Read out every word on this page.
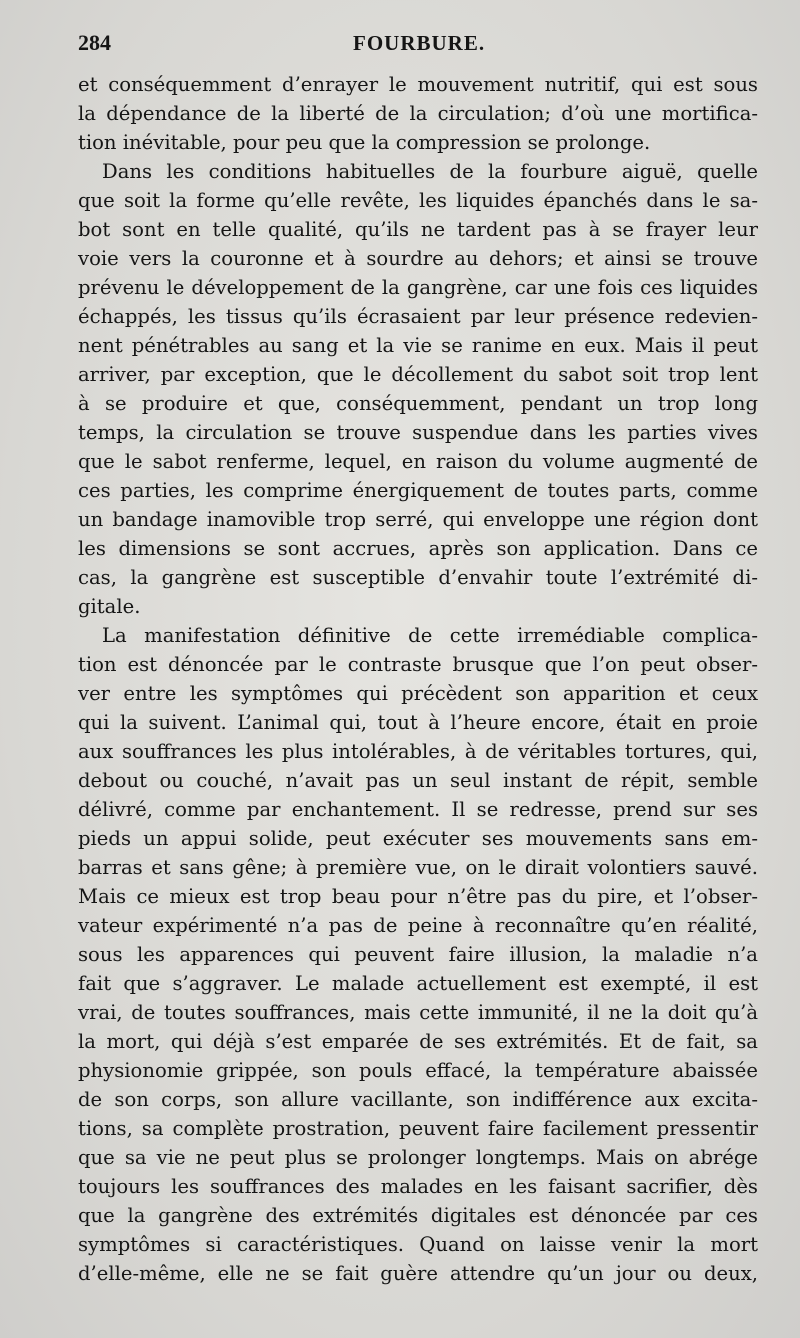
284	FOURBURE.
et conséquemment d’enrayer le mouvement nutritif, qui est sous
la dépendance de la liberté de la circulation; d’où une mortifica-
tion inévitable, pour peu que la compression se prolonge.
Dans les conditions habituelles de la fourbure aiguë, quelle
que soit la forme qu’elle revête, les liquides épanchés dans le sa-
bot sont en telle qualité, qu’ils ne tardent pas à se frayer leur
voie vers la couronne et à sourdre au dehors; et ainsi se trouve
prévenu le développement de la gangrène, car une fois ces liquides
échappés, les tissus qu’ils écrasaient par leur présence redevien-
nent pénétrables au sang et la vie se ranime en eux. Mais il peut
arriver, par exception, que le décollement du sabot soit trop lent
à se produire et que, conséquemment, pendant un trop long
temps, la circulation se trouve suspendue dans les parties vives
que le sabot renferme, lequel, en raison du volume augmenté de
ces parties, les comprime énergiquement de toutes parts, comme
un bandage inamovible trop serré, qui enveloppe une région dont
les dimensions se sont accrues, après son application. Dans ce
cas, la gangrène est susceptible d’envahir toute l’extrémité di-
gitale.
La manifestation définitive de cette irremédiable complica-
tion est dénoncée par le contraste brusque que l’on peut obser-
ver entre les symptômes qui précèdent son apparition et ceux
qui la suivent. L’animal qui, tout à l’heure encore, était en proie
aux souffrances les plus intolérables, à de véritables tortures, qui,
debout ou couché, n’avait pas un seul instant de répit, semble
délivré, comme par enchantement. Il se redresse, prend sur ses
pieds un appui solide, peut exécuter ses mouvements sans em-
barras et sans gêne; à première vue, on le dirait volontiers sauvé.
Mais ce mieux est trop beau pour n’être pas du pire, et l’obser-
vateur expérimenté n’a pas de peine à reconnaître qu’en réalité,
sous les apparences qui peuvent faire illusion, la maladie n’a
fait que s’aggraver. Le malade actuellement est exempté, il est
vrai, de toutes souffrances, mais cette immunité, il ne la doit qu’à
la mort, qui déjà s’est emparée de ses extrémités. Et de fait, sa
physionomie grippée, son pouls effacé, la température abaissée
de son corps, son allure vacillante, son indifférence aux excita-
tions, sa complète prostration, peuvent faire facilement pressentir
que sa vie ne peut plus se prolonger longtemps. Mais on abrége
toujours les souffrances des malades en les faisant sacrifier, dès
que la gangrène des extrémités digitales est dénoncée par ces
symptômes si caractéristiques. Quand on laisse venir la mort
d’elle-même, elle ne se fait guère attendre qu’un jour ou deux,
